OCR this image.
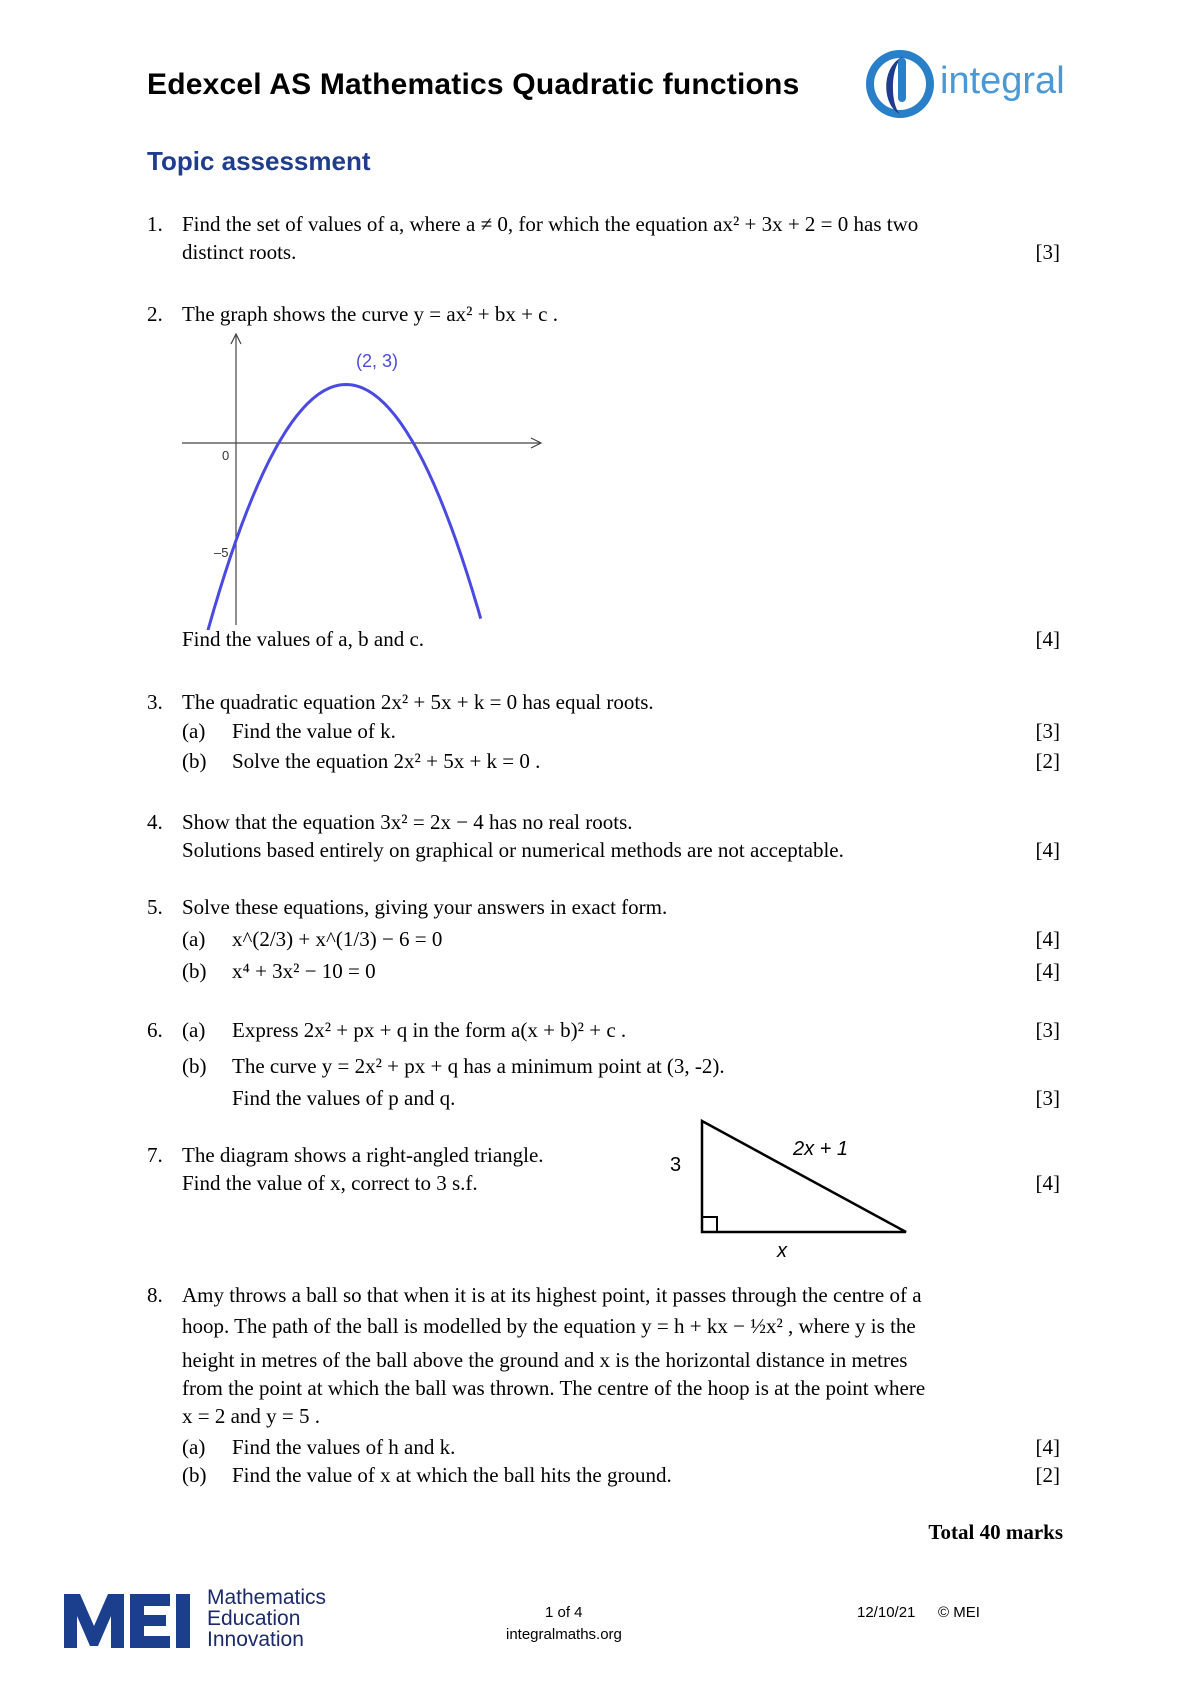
Edexcel AS Mathematics Quadratic functions	integral
Topic assessment
1. Find the set of values of a, where a ≠ 0, for which the equation ax² + 3x + 2 = 0 has two
distinct roots.	[3]
2. The graph shows the curve y = ax² + bx + c .
Find the values of a, b and c.	[4]
(2, 3)
0
–5
3. The quadratic equation 2x² + 5x + k = 0 has equal roots.
(a) Find the value of k.	[3]
(b) Solve the equation 2x² + 5x + k = 0 .	[2]
4. Show that the equation 3x² = 2x − 4 has no real roots.
Solutions based entirely on graphical or numerical methods are not acceptable.	[4]
5. Solve these equations, giving your answers in exact form.
(a) x^(2/3) + x^(1/3) − 6 = 0	[4]
(b) x⁴ + 3x² − 10 = 0	[4]
6. (a) Express 2x² + px + q in the form a(x + b)² + c .	[3]
(b) The curve y = 2x² + px + q has a minimum point at (3, -2).
Find the values of p and q.	[3]
7. The diagram shows a right-angled triangle.
Find the value of x, correct to 3 s.f.	[4]
3
2x + 1
x
8. Amy throws a ball so that when it is at its highest point, it passes through the centre of a
hoop. The path of the ball is modelled by the equation y = h + kx − ½x² , where y is the
height in metres of the ball above the ground and x is the horizontal distance in metres
from the point at which the ball was thrown. The centre of the hoop is at the point where
x = 2 and y = 5 .
(a) Find the values of h and k.	[4]
(b) Find the value of x at which the ball hits the ground.	[2]
Total 40 marks
Mathematics
Education
Innovation
1 of 4
integralmaths.org
12/10/21 © MEI
